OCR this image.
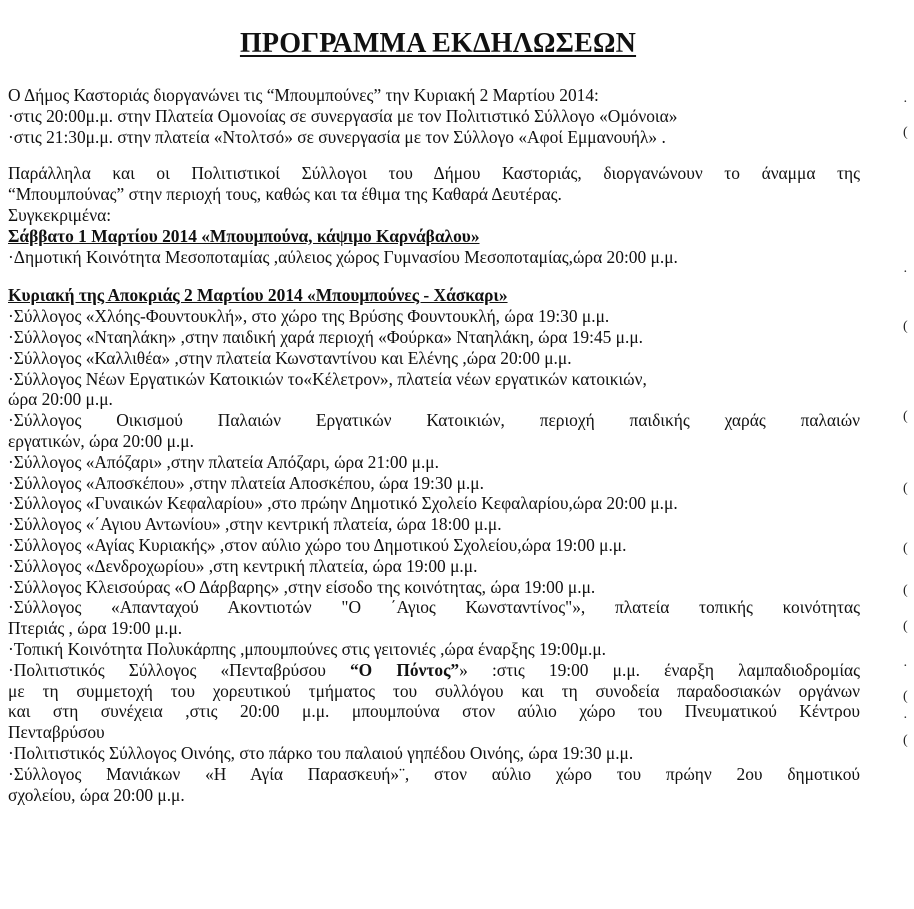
ΠΡΟΓΡΑΜΜΑ ΕΚΔΗΛΩΣΕΩΝ
Ο Δήμος Καστοριάς διοργανώνει τις “Μπουμπούνες” την Κυριακή 2 Μαρτίου 2014:
·στις 20:00μ.μ. στην Πλατεία Ομονοίας σε συνεργασία με τον Πολιτιστικό Σύλλογο «Ομόνοια»
·στις 21:30μ.μ. στην πλατεία «Ντολτσό» σε συνεργασία με τον Σύλλογο «Αφοί Εμμανουήλ» .
Παράλληλα και οι Πολιτιστικοί Σύλλογοι του Δήμου Καστοριάς, διοργανώνουν το άναμμα της
“Μπουμπούνας” στην περιοχή τους, καθώς και τα έθιμα της Καθαρά Δευτέρας.
Συγκεκριμένα:
Σάββατο 1 Μαρτίου 2014 «Μπουμπούνα, κάψιμο Καρνάβαλου»
·Δημοτική Κοινότητα Μεσοποταμίας ,αύλειος χώρος Γυμνασίου Μεσοποταμίας,ώρα 20:00 μ.μ.
Κυριακή της Αποκριάς 2 Μαρτίου 2014 «Μπουμπούνες - Χάσκαρι»
·Σύλλογος «Χλόης-Φουντουκλή», στο χώρο της Βρύσης Φουντουκλή, ώρα 19:30 μ.μ.
·Σύλλογος «Νταηλάκη» ,στην παιδική χαρά περιοχή «Φούρκα» Νταηλάκη, ώρα 19:45 μ.μ.
·Σύλλογος «Καλλιθέα» ,στην πλατεία Κωνσταντίνου και Ελένης ,ώρα 20:00 μ.μ.
·Σύλλογος Νέων Εργατικών Κατοικιών το«Κέλετρον», πλατεία νέων εργατικών κατοικιών,
ώρα 20:00 μ.μ.
·Σύλλογος Οικισμού Παλαιών Εργατικών Κατοικιών, περιοχή παιδικής χαράς παλαιών
εργατικών, ώρα 20:00 μ.μ.
·Σύλλογος «Απόζαρι» ,στην πλατεία Απόζαρι, ώρα 21:00 μ.μ.
·Σύλλογος «Αποσκέπου» ,στην πλατεία Αποσκέπου, ώρα 19:30 μ.μ.
·Σύλλογος «Γυναικών Κεφαλαρίου» ,στο πρώην Δημοτικό Σχολείο Κεφαλαρίου,ώρα 20:00 μ.μ.
·Σύλλογος «΄Αγιου Αντωνίου» ,στην κεντρική πλατεία, ώρα 18:00 μ.μ.
·Σύλλογος «Αγίας Κυριακής» ,στον αύλιο χώρο του Δημοτικού Σχολείου,ώρα 19:00 μ.μ.
·Σύλλογος «Δενδροχωρίου» ,στη κεντρική πλατεία, ώρα 19:00 μ.μ.
·Σύλλογος Κλεισούρας «Ο Δάρβαρης» ,στην είσοδο της κοινότητας, ώρα 19:00 μ.μ.
·Σύλλογος «Απανταχού Ακοντιοτών "Ο ΄Αγιος Κωνσταντίνος"», πλατεία τοπικής κοινότητας
Πτεριάς , ώρα 19:00 μ.μ.
·Τοπική Κοινότητα Πολυκάρπης ,μπουμπούνες στις γειτονιές ,ώρα έναρξης 19:00μ.μ.
·Πολιτιστικός Σύλλογος «Πενταβρύσου “Ο Πόντος”» :στις 19:00 μ.μ. έναρξη λαμπαδιοδρομίας
με τη συμμετοχή του χορευτικού τμήματος του συλλόγου και τη συνοδεία παραδοσιακών οργάνων
και στη συνέχεια ,στις 20:00 μ.μ. μπουμπούνα στον αύλιο χώρο του Πνευματικού Κέντρου
Πενταβρύσου
·Πολιτιστικός Σύλλογος Οινόης, στο πάρκο του παλαιού γηπέδου Οινόης, ώρα 19:30 μ.μ.
·Σύλλογος Μανιάκων «Η Αγία Παρασκευή»¨, στον αύλιο χώρο του πρώην 2ου δημοτικού
σχολείου, ώρα 20:00 μ.μ.
·
(
·
(
(
(
(
(
(
·
(
·
(
